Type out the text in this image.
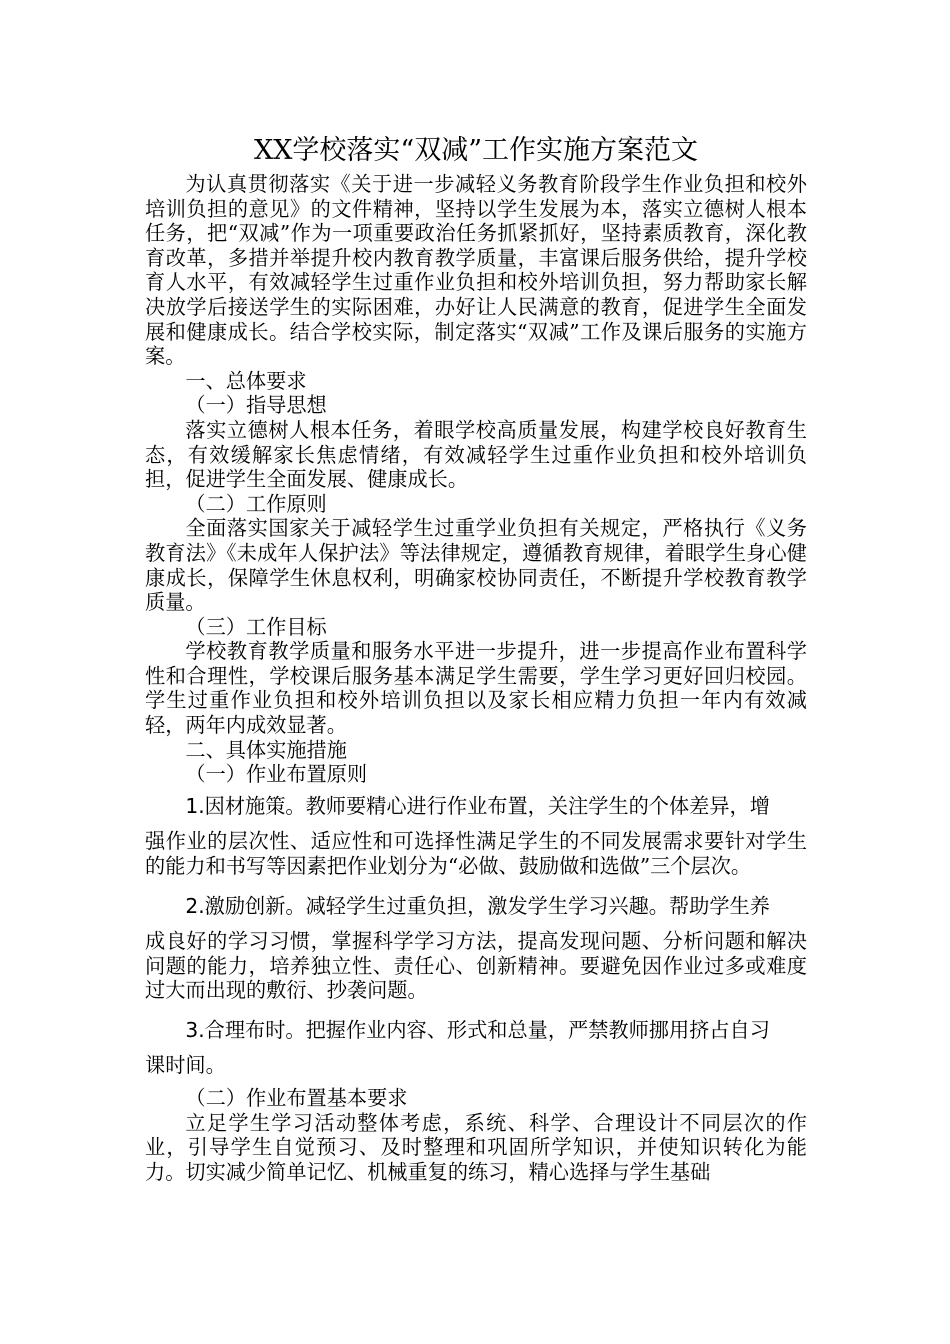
XX学校落实“双减”工作实施方案范文

为认真贯彻落实《关于进一步减轻义务教育阶段学生作业负担和校外培训负担的意见》的文件精神，坚持以学生发展为本，落实立德树人根本任务，把“双减”作为一项重要政治任务抓紧抓好，坚持素质教育，深化教育改革，多措并举提升校内教育教学质量，丰富课后服务供给，提升学校育人水平，有效减轻学生过重作业负担和校外培训负担，努力帮助家长解决放学后接送学生的实际困难，办好让人民满意的教育，促进学生全面发展和健康成长。结合学校实际，制定落实“双减”工作及课后服务的实施方案。

一、总体要求

（一）指导思想

落实立德树人根本任务，着眼学校高质量发展，构建学校良好教育生态，有效缓解家长焦虑情绪，有效减轻学生过重作业负担和校外培训负担，促进学生全面发展、健康成长。

（二）工作原则

全面落实国家关于减轻学生过重学业负担有关规定，严格执行《义务教育法》《未成年人保护法》等法律规定，遵循教育规律，着眼学生身心健康成长，保障学生休息权利，明确家校协同责任，不断提升学校教育教学质量。

（三）工作目标

学校教育教学质量和服务水平进一步提升，进一步提高作业布置科学性和合理性，学校课后服务基本满足学生需要，学生学习更好回归校园。学生过重作业负担和校外培训负担以及家长相应精力负担一年内有效减轻，两年内成效显著。

二、具体实施措施

（一）作业布置原则

1.因材施策。教师要精心进行作业布置，关注学生的个体差异，增
强作业的层次性、适应性和可选择性满足学生的不同发展需求要针对学生的能力和书写等因素把作业划分为“必做、鼓励做和选做”三个层次。
2.激励创新。减轻学生过重负担，激发学生学习兴趣。帮助学生养
成良好的学习习惯，掌握科学学习方法，提高发现问题、分析问题和解决问题的能力，培养独立性、责任心、创新精神。要避免因作业过多或难度过大而出现的敷衍、抄袭问题。
3.合理布时。把握作业内容、形式和总量，严禁教师挪用挤占自习
课时间。

（二）作业布置基本要求

立足学生学习活动整体考虑，系统、科学、合理设计不同层次的作业，引导学生自觉预习、及时整理和巩固所学知识，并使知识转化为能力。切实减少简单记忆、机械重复的练习，精心选择与学生基础
